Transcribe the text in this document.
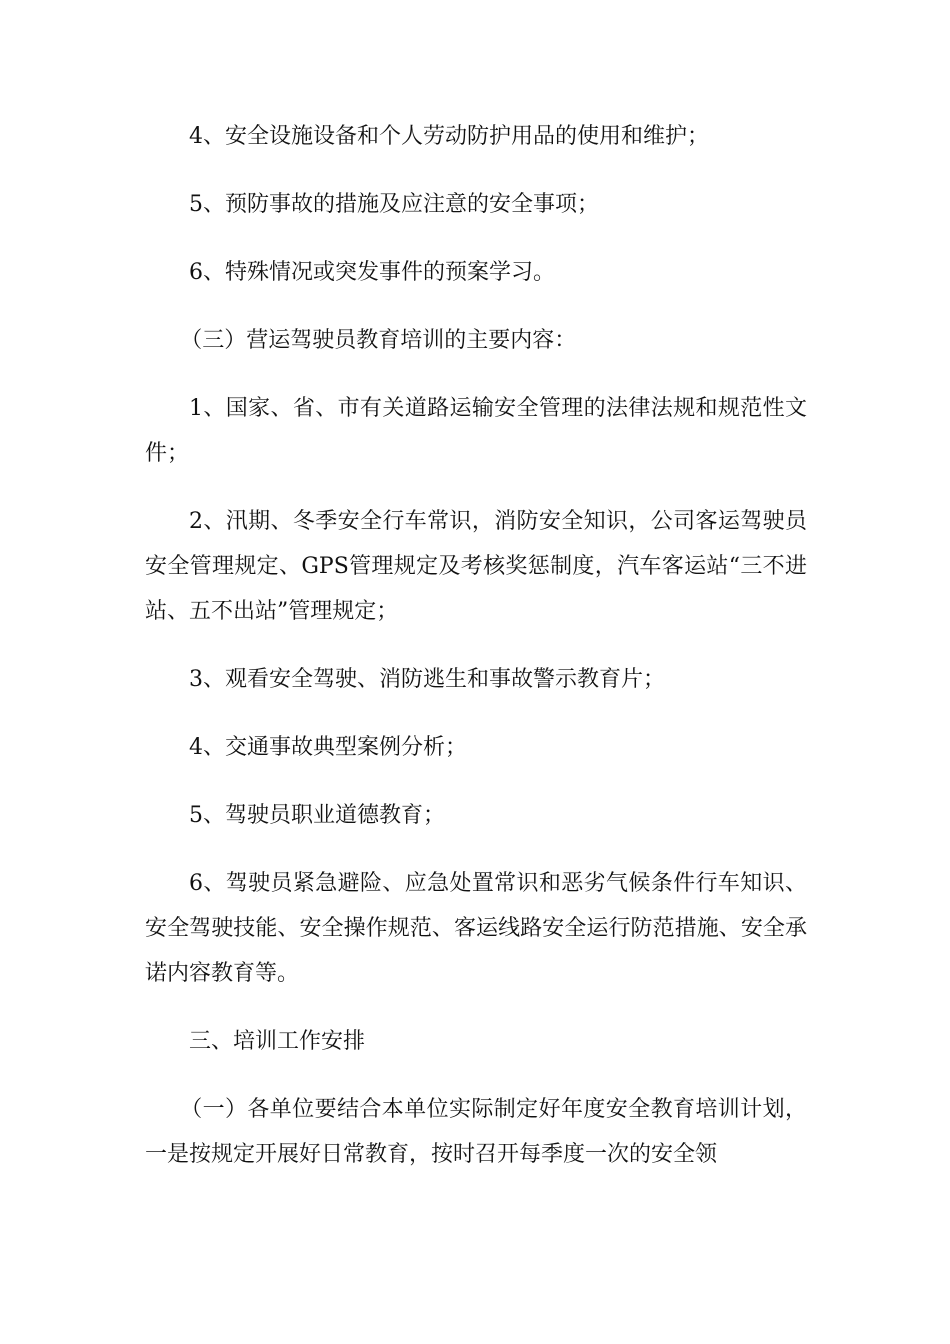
4、安全设施设备和个人劳动防护用品的使用和维护；

5、预防事故的措施及应注意的安全事项；

6、特殊情况或突发事件的预案学习。

（三）营运驾驶员教育培训的主要内容：

1、国家、省、市有关道路运输安全管理的法律法规和规范性文件；

2、汛期、冬季安全行车常识，消防安全知识，公司客运驾驶员安全管理规定、GPS管理规定及考核奖惩制度，汽车客运站“三不进站、五不出站”管理规定；

3、观看安全驾驶、消防逃生和事故警示教育片；

4、交通事故典型案例分析；

5、驾驶员职业道德教育；

6、驾驶员紧急避险、应急处置常识和恶劣气候条件行车知识、安全驾驶技能、安全操作规范、客运线路安全运行防范措施、安全承诺内容教育等。

三、培训工作安排

（一）各单位要结合本单位实际制定好年度安全教育培训计划，一是按规定开展好日常教育，按时召开每季度一次的安全领
